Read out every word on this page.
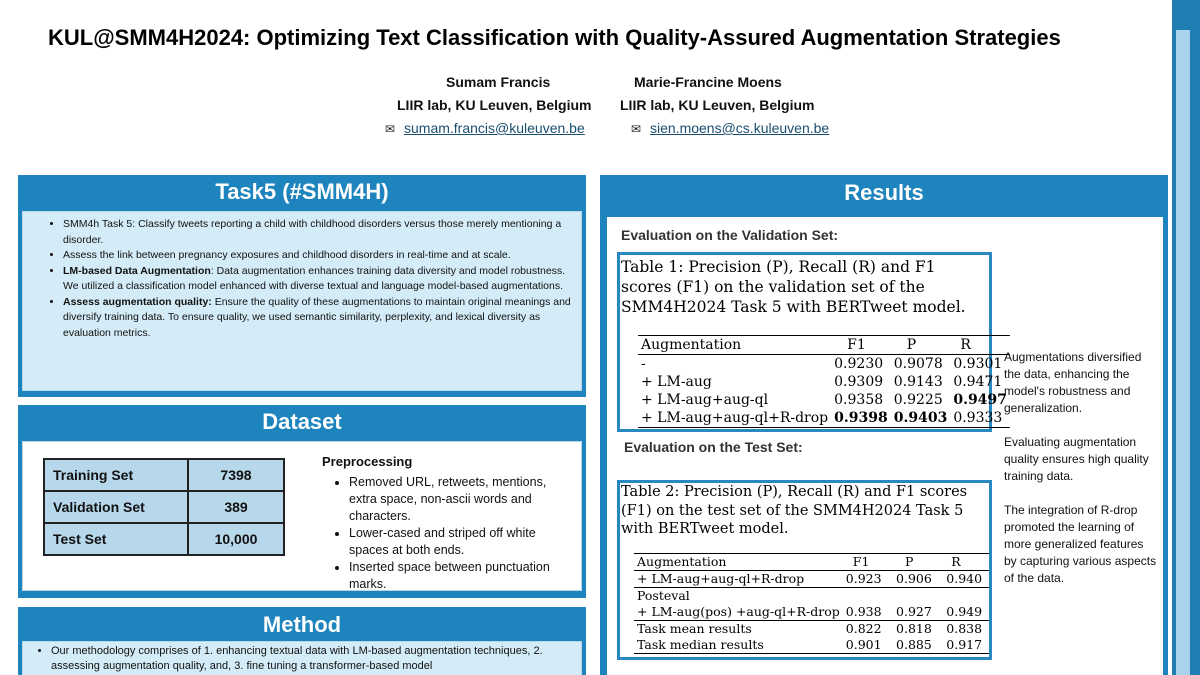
KUL@SMM4H2024: Optimizing Text Classification with Quality-Assured Augmentation Strategies
Sumam Francis	Marie-Francine Moens
LIIR lab, KU Leuven, Belgium LIIR lab, KU Leuven, Belgium
✉ sumam.francis@kuleuven.be	✉ sien.moens@cs.kuleuven.be
Task5 (#SMM4H)
• SMM4h Task 5: Classify tweets reporting a child with childhood disorders versus those merely mentioning a disorder.
• Assess the link between pregnancy exposures and childhood disorders in real-time and at scale.
• LM-based Data Augmentation: Data augmentation enhances training data diversity and model robustness. We utilized a classification model enhanced with diverse textual and language model-based augmentations.
• Assess augmentation quality: Ensure the quality of these augmentations to maintain original meanings and diversify training data. To ensure quality, we used semantic similarity, perplexity, and lexical diversity as evaluation metrics.
Dataset
Training Set	7398
Validation Set	389
Test Set	10,000
Preprocessing
• Removed URL, retweets, mentions, extra space, non-ascii words and characters.
• Lower-cased and striped off white spaces at both ends.
• Inserted space between punctuation marks.
Method
• Our methodology comprises of 1. enhancing textual data with LM-based augmentation techniques, 2. assessing augmentation quality, and, 3. fine tuning a transformer-based model
Results
Evaluation on the Validation Set:
Table 1: Precision (P), Recall (R) and F1 scores (F1) on the validation set of the SMM4H2024 Task 5 with BERTweet model.
Augmentation	F1	P	R
-	0.9230	0.9078	0.9301
+ LM-aug	0.9309	0.9143	0.9471
+ LM-aug+aug-ql	0.9358	0.9225	0.9497
+ LM-aug+aug-ql+R-drop	0.9398	0.9403	0.9333
Evaluation on the Test Set:
Table 2: Precision (P), Recall (R) and F1 scores (F1) on the test set of the SMM4H2024 Task 5 with BERTweet model.
Augmentation	F1	P	R
+ LM-aug+aug-ql+R-drop	0.923	0.906	0.940
Posteval			
+ LM-aug(pos) +aug-ql+R-drop	0.938	0.927	0.949
Task mean results	0.822	0.818	0.838
Task median results	0.901	0.885	0.917

Augmentations diversified the data, enhancing the model's robustness and generalization.

Evaluating augmentation quality ensures high quality training data.

The integration of R-drop promoted the learning of more generalized features by capturing various aspects of the data.
